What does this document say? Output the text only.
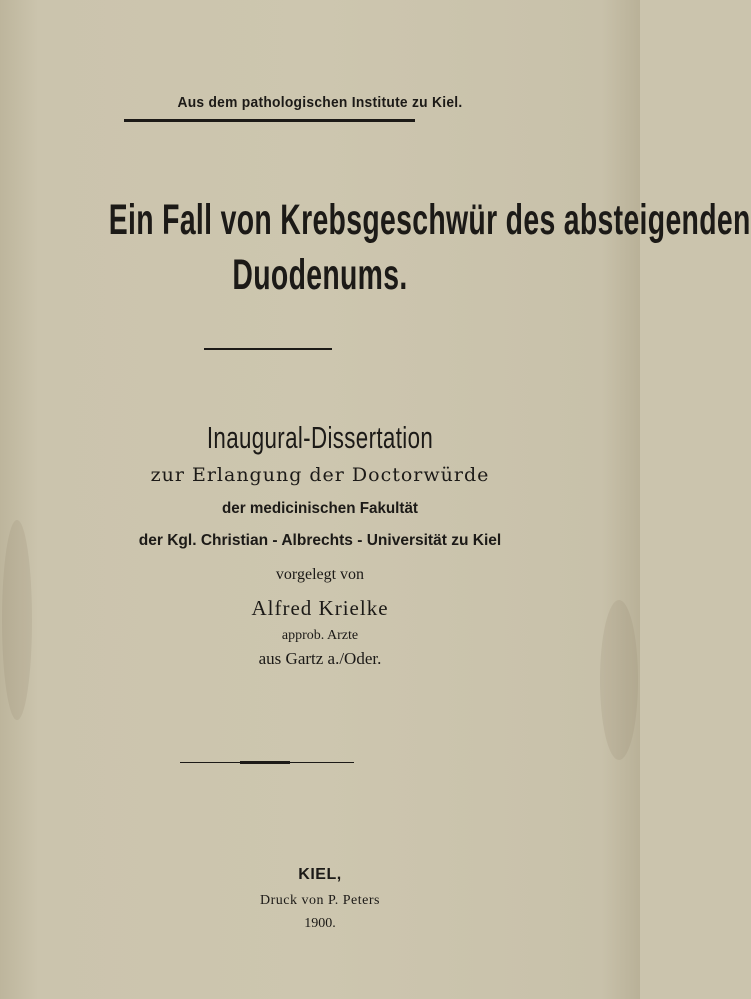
Aus dem pathologischen Institute zu Kiel.
Ein Fall von Krebsgeschwür des absteigenden
Duodenums.
Inaugural-Dissertation
zur Erlangung der Doctorwürde
der medicinischen Fakultät
der Kgl. Christian - Albrechts - Universität zu Kiel
vorgelegt von
Alfred Krielke
approb. Arzte
aus Gartz a./Oder.
KIEL,
Druck von P. Peters
1900.
